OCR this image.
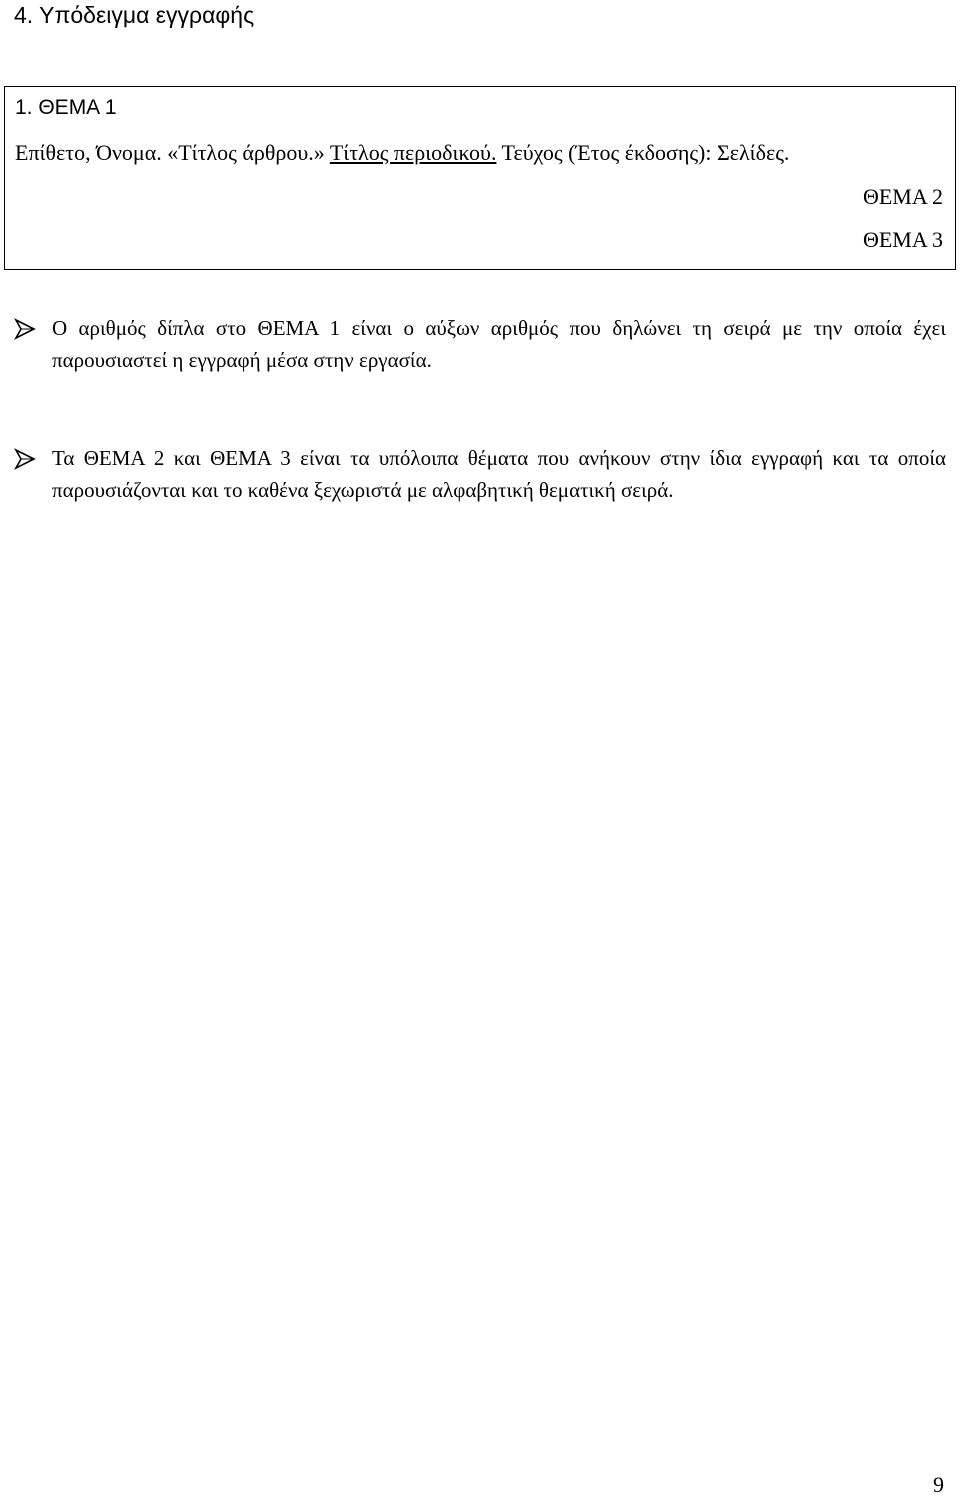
4. Υπόδειγμα εγγραφής
1. ΘΕΜΑ 1
Επίθετο, Όνομα. «Τίτλος άρθρου.» Τίτλος περιοδικού. Τεύχος (Έτος έκδοσης): Σελίδες.
ΘΕΜΑ 2
ΘΕΜΑ 3
Ο αριθμός δίπλα στο ΘΕΜΑ 1 είναι ο αύξων αριθμός που δηλώνει τη σειρά με την οποία έχει παρουσιαστεί η εγγραφή μέσα στην εργασία.
Τα ΘΕΜΑ 2 και ΘΕΜΑ 3 είναι τα υπόλοιπα θέματα που ανήκουν στην ίδια εγγραφή και τα οποία παρουσιάζονται και το καθένα ξεχωριστά με αλφαβητική θεματική σειρά.
9
